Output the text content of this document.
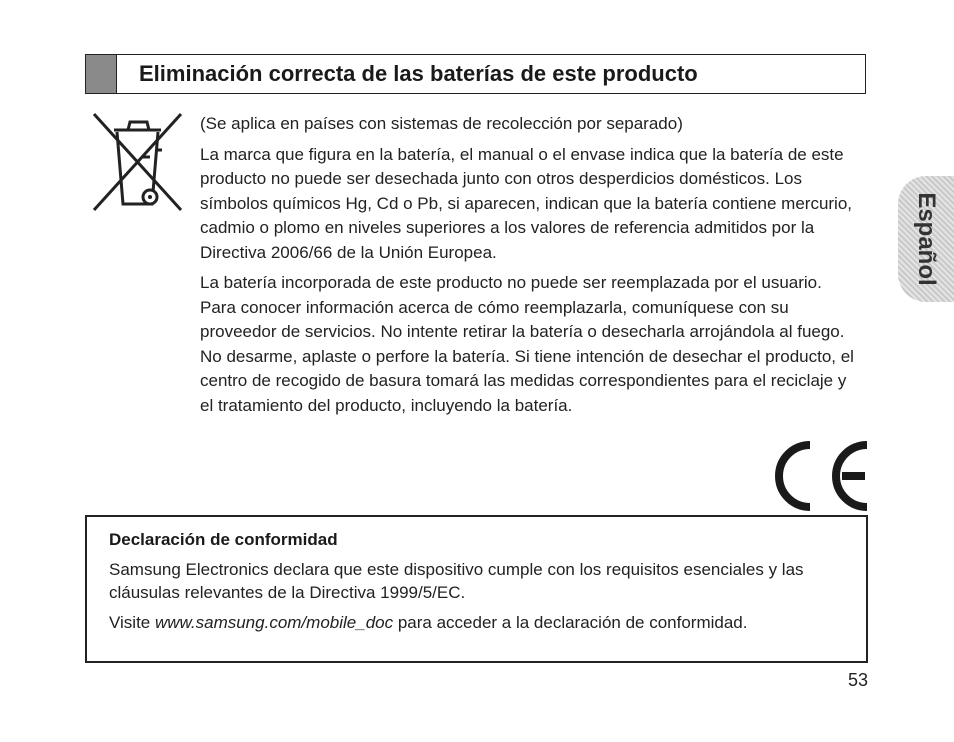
Eliminación correcta de las baterías de este producto

(Se aplica en países con sistemas de recolección por separado)

La marca que figura en la batería, el manual o el envase indica que la batería de este producto no puede ser desechada junto con otros desperdicios domésticos. Los símbolos químicos Hg, Cd o Pb, si aparecen, indican que la batería contiene mercurio, cadmio o plomo en niveles superiores a los valores de referencia admitidos por la Directiva 2006/66 de la Unión Europea.

La batería incorporada de este producto no puede ser reemplazada por el usuario. Para conocer información acerca de cómo reemplazarla, comuníquese con su proveedor de servicios. No intente retirar la batería o desecharla arrojándola al fuego. No desarme, aplaste o perfore la batería. Si tiene intención de desechar el producto, el centro de recogido de basura tomará las medidas correspondientes para el reciclaje y el tratamiento del producto, incluyendo la batería.

Español
Declaración de conformidad

Samsung Electronics declara que este dispositivo cumple con los requisitos esenciales y las cláusulas relevantes de la Directiva 1999/5/EC.

Visite www.samsung.com/mobile_doc para acceder a la declaración de conformidad.

53
